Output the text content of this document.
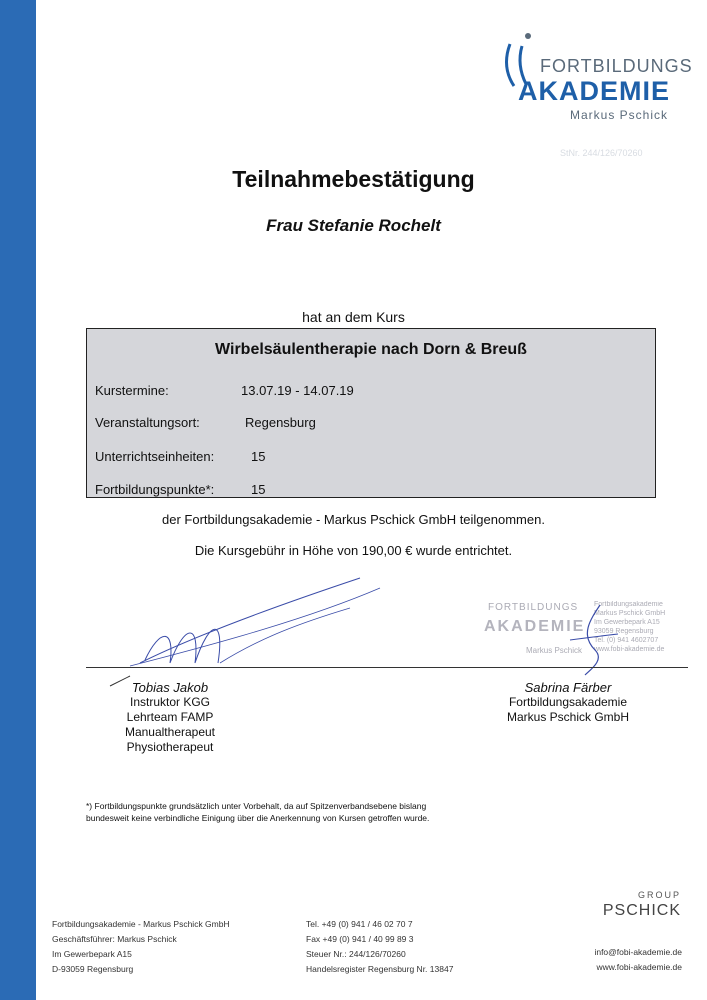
FORTBILDUNGS
AKADEMIE
Markus Pschick
StNr. 244/126/70260
Teilnahmebestätigung
Frau Stefanie Rochelt
hat an dem Kurs
Wirbelsäulentherapie nach Dorn & Breuß
Kurstermine:	13.07.19 - 14.07.19
Veranstaltungsort:	Regensburg
Unterrichtseinheiten:	15
Fortbildungspunkte*:	15
der Fortbildungsakademie - Markus Pschick GmbH teilgenommen.
Die Kursgebühr in Höhe von 190,00 € wurde entrichtet.
FORTBILDUNGS
AKADEMIE
Markus Pschick
Fortbildungsakademie
Markus Pschick GmbH
Im Gewerbepark A15
93059 Regensburg
Tel. (0) 941 4602707
www.fobi-akademie.de
Tobias Jakob
Instruktor KGG
Lehrteam FAMP
Manualtherapeut
Physiotherapeut
Sabrina Färber
Fortbildungsakademie
Markus Pschick GmbH
*) Fortbildungspunkte grundsätzlich unter Vorbehalt, da auf Spitzenverbandsebene bislang
bundesweit keine verbindliche Einigung über die Anerkennung von Kursen getroffen wurde.
GROUP
PSCHICK
Fortbildungsakademie - Markus Pschick GmbH
Geschäftsführer: Markus Pschick
Im Gewerbepark A15
D-93059 Regensburg
Tel. +49 (0) 941 / 46 02 70 7
Fax +49 (0) 941 / 40 99 89 3
Steuer Nr.: 244/126/70260
Handelsregister Regensburg Nr. 13847
info@fobi-akademie.de
www.fobi-akademie.de
